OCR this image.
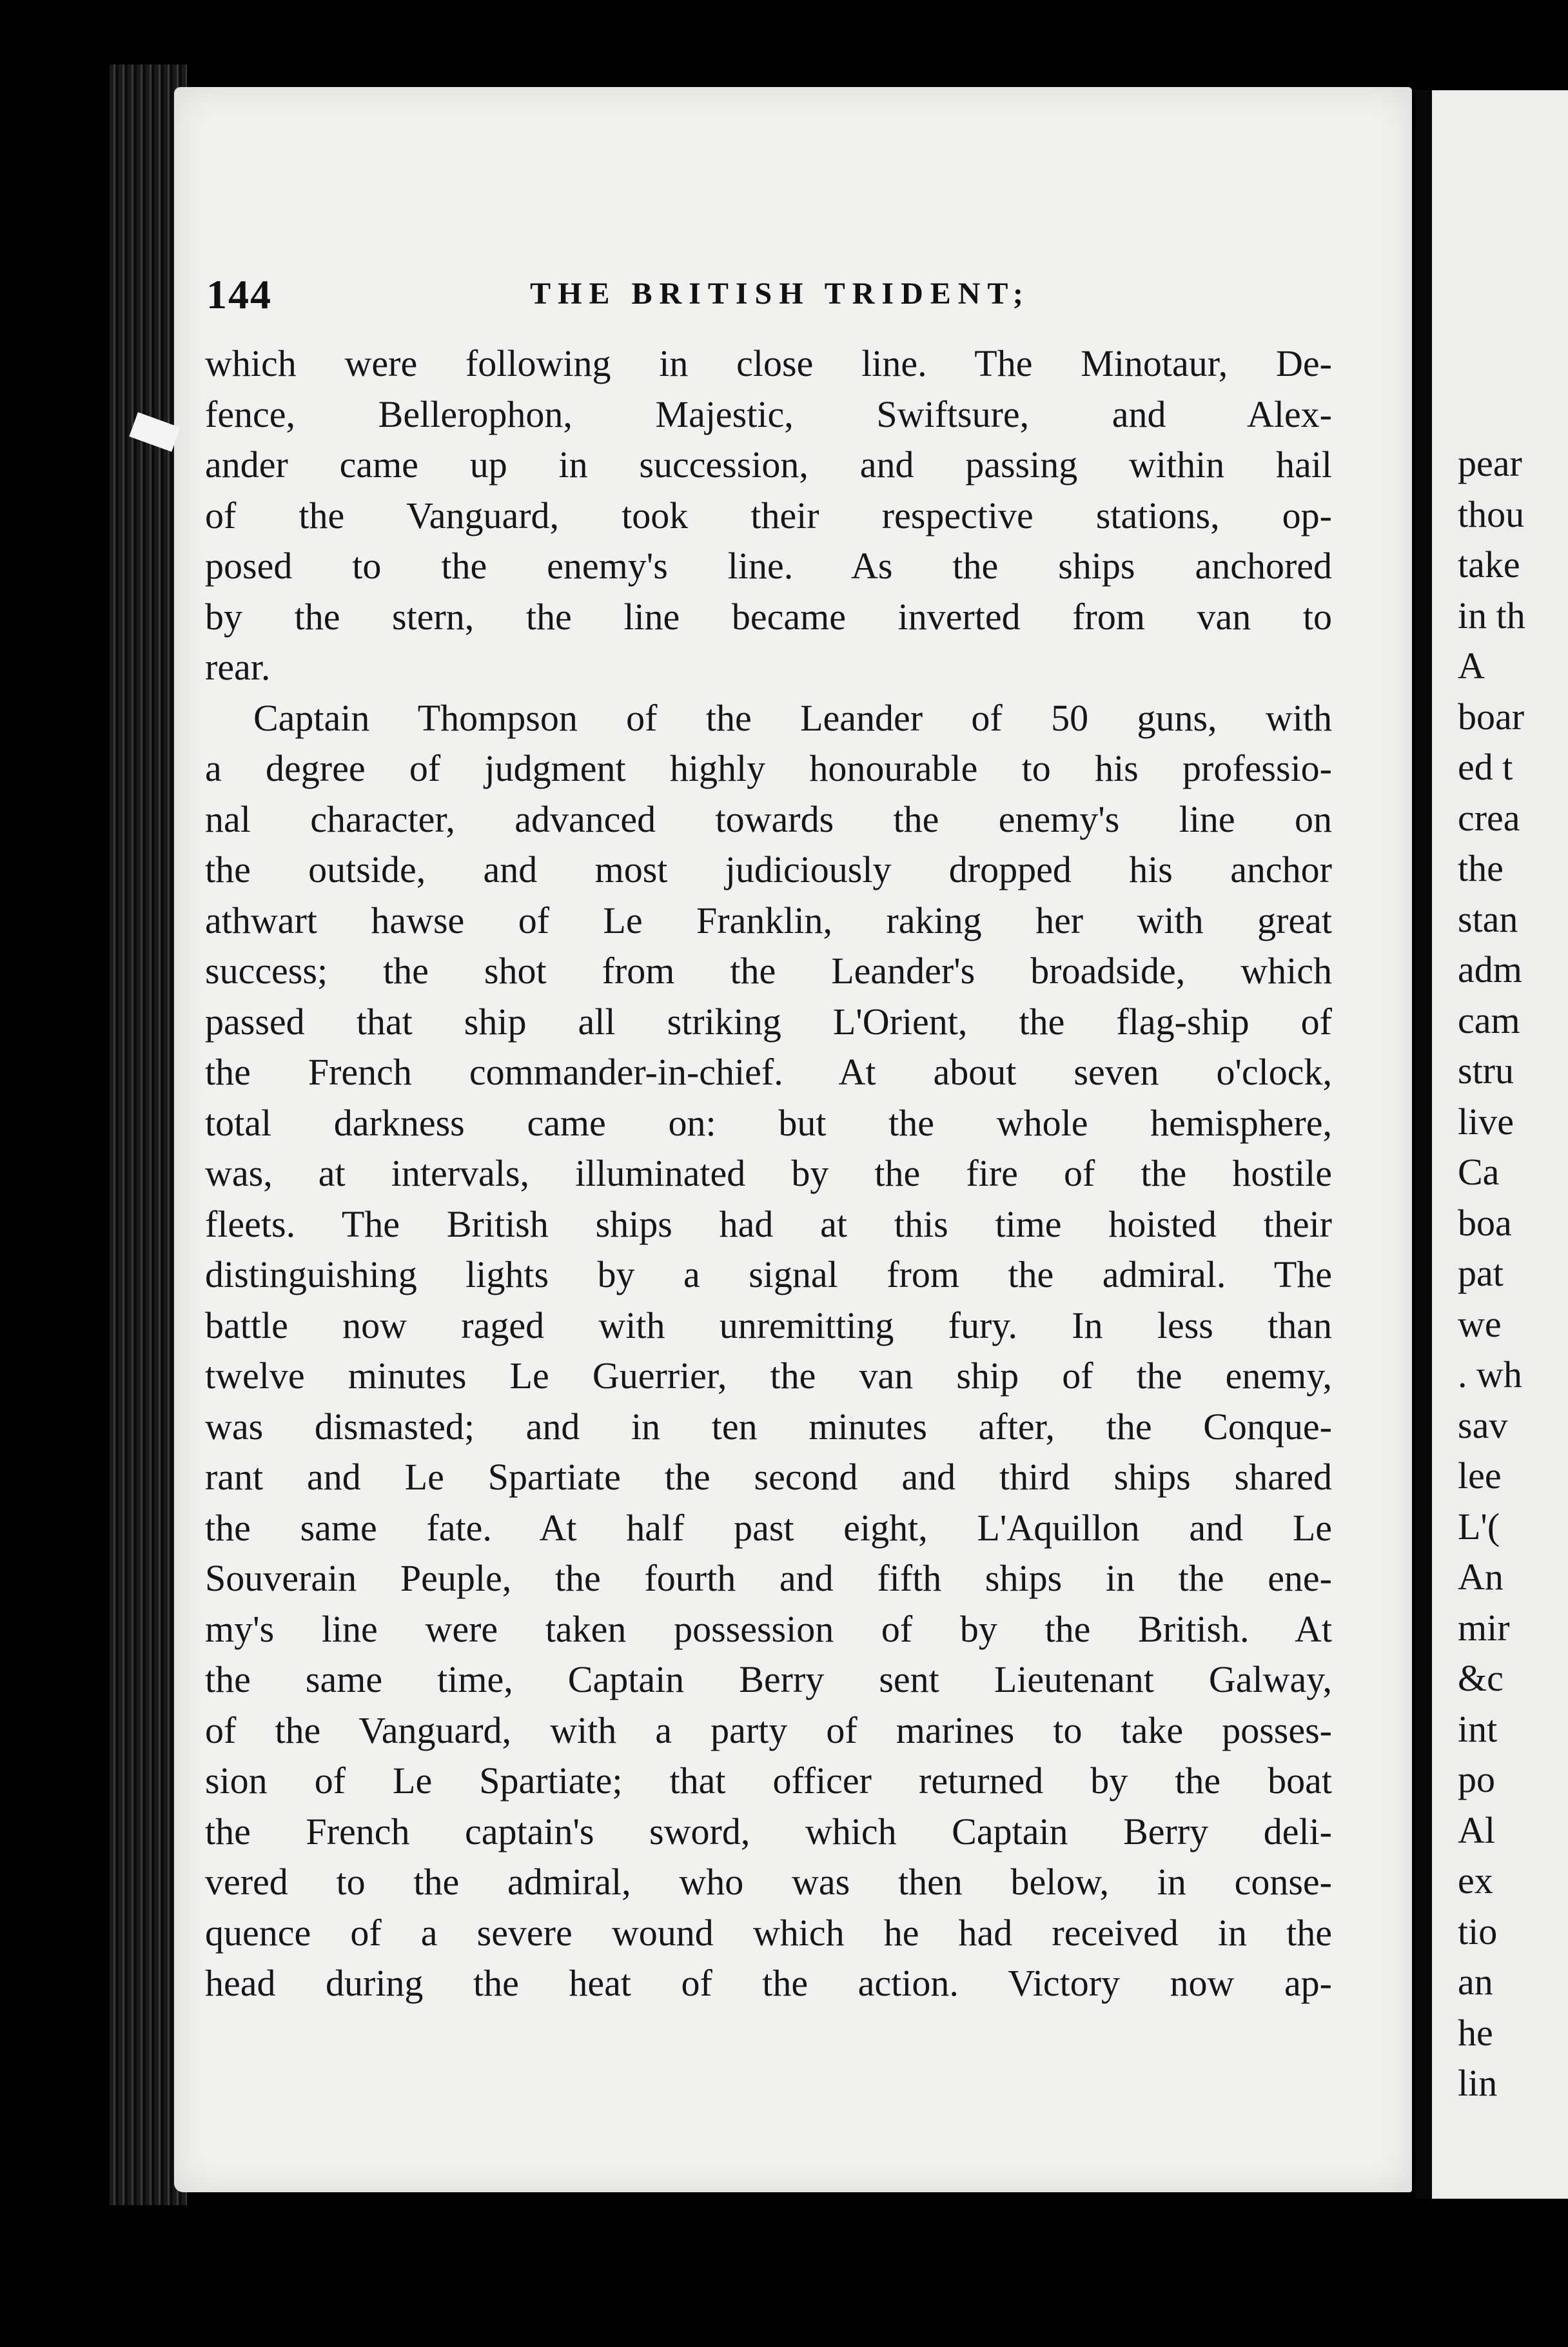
pear
thou
take
in th
A
boar
ed t
crea
the
stan
adm
cam
stru
live
Ca
boa
pat
we
. wh
sav
lee
L'(
An
mir
&c
int
po
Al
ex
tio
an
he
lin
144	THE BRITISH TRIDENT;
which were following in close line. The Minotaur, De-
fence, Bellerophon, Majestic, Swiftsure, and Alex-
ander came up in succession, and passing within hail
of the Vanguard, took their respective stations, op-
posed to the enemy's line. As the ships anchored
by the stern, the line became inverted from van to
rear.
Captain Thompson of the Leander of 50 guns, with
a degree of judgment highly honourable to his professio-
nal character, advanced towards the enemy's line on
the outside, and most judiciously dropped his anchor
athwart hawse of Le Franklin, raking her with great
success; the shot from the Leander's broadside, which
passed that ship all striking L'Orient, the flag-ship of
the French commander-in-chief. At about seven o'clock,
total darkness came on: but the whole hemisphere,
was, at intervals, illuminated by the fire of the hostile
fleets. The British ships had at this time hoisted their
distinguishing lights by a signal from the admiral. The
battle now raged with unremitting fury. In less than
twelve minutes Le Guerrier, the van ship of the enemy,
was dismasted; and in ten minutes after, the Conque-
rant and Le Spartiate the second and third ships shared
the same fate. At half past eight, L'Aquillon and Le
Souverain Peuple, the fourth and fifth ships in the ene-
my's line were taken possession of by the British. At
the same time, Captain Berry sent Lieutenant Galway,
of the Vanguard, with a party of marines to take posses-
sion of Le Spartiate; that officer returned by the boat
the French captain's sword, which Captain Berry deli-
vered to the admiral, who was then below, in conse-
quence of a severe wound which he had received in the
head during the heat of the action. Victory now ap-
